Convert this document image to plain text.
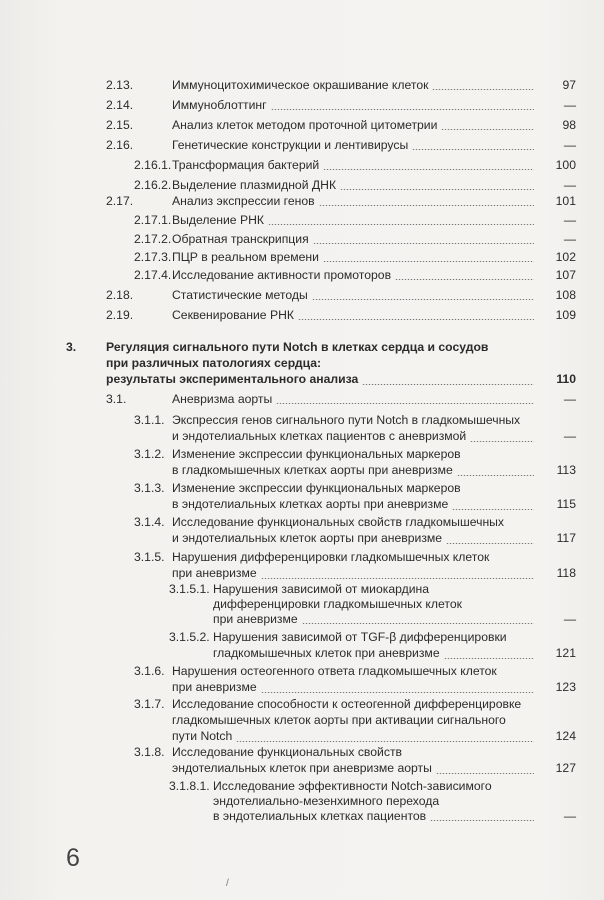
2.13.	Иммуноцитохимическое окрашивание клеток	97
2.14.	Иммуноблоттинг	—
2.15.	Анализ клеток методом проточной цитометрии	98
2.16.	Генетические конструкции и лентивирусы	—
2.16.1. Трансформация бактерий	100
2.16.2. Выделение плазмидной ДНК	—
2.17.	Анализ экспрессии генов	101
2.17.1. Выделение РНК	—
2.17.2. Обратная транскрипция	—
2.17.3. ПЦР в реальном времени	102
2.17.4. Исследование активности промоторов	107
2.18.	Статистические методы	108
2.19.	Секвенирование РНК	109
3. Регуляция сигнального пути Notch в клетках сердца и сосудов
при различных патологиях сердца:
результаты экспериментального анализа	110
3.1.	Аневризма аорты	—
3.1.1. Экспрессия генов сигнального пути Notch в гладкомышечных
и эндотелиальных клетках пациентов с аневризмой	—
3.1.2. Изменение экспрессии функциональных маркеров
в гладкомышечных клетках аорты при аневризме	113
3.1.3. Изменение экспрессии функциональных маркеров
в эндотелиальных клетках аорты при аневризме	115
3.1.4. Исследование функциональных свойств гладкомышечных
и эндотелиальных клеток аорты при аневризме	117
3.1.5. Нарушения дифференцировки гладкомышечных клеток
при аневризме	118
3.1.5.1. Нарушения зависимой от миокардина
дифференцировки гладкомышечных клеток
при аневризме	—
3.1.5.2. Нарушения зависимой от TGF-β дифференцировки
гладкомышечных клеток при аневризме	121
3.1.6. Нарушения остеогенного ответа гладкомышечных клеток
при аневризме	123
3.1.7. Исследование способности к остеогенной дифференцировке
гладкомышечных клеток аорты при активации сигнального
пути Notch	124
3.1.8. Исследование функциональных свойств
эндотелиальных клеток при аневризме аорты	127
3.1.8.1. Исследование эффективности Notch-зависимого
эндотелиально-мезенхимного перехода
в эндотелиальных клетках пациентов	—
6
/
